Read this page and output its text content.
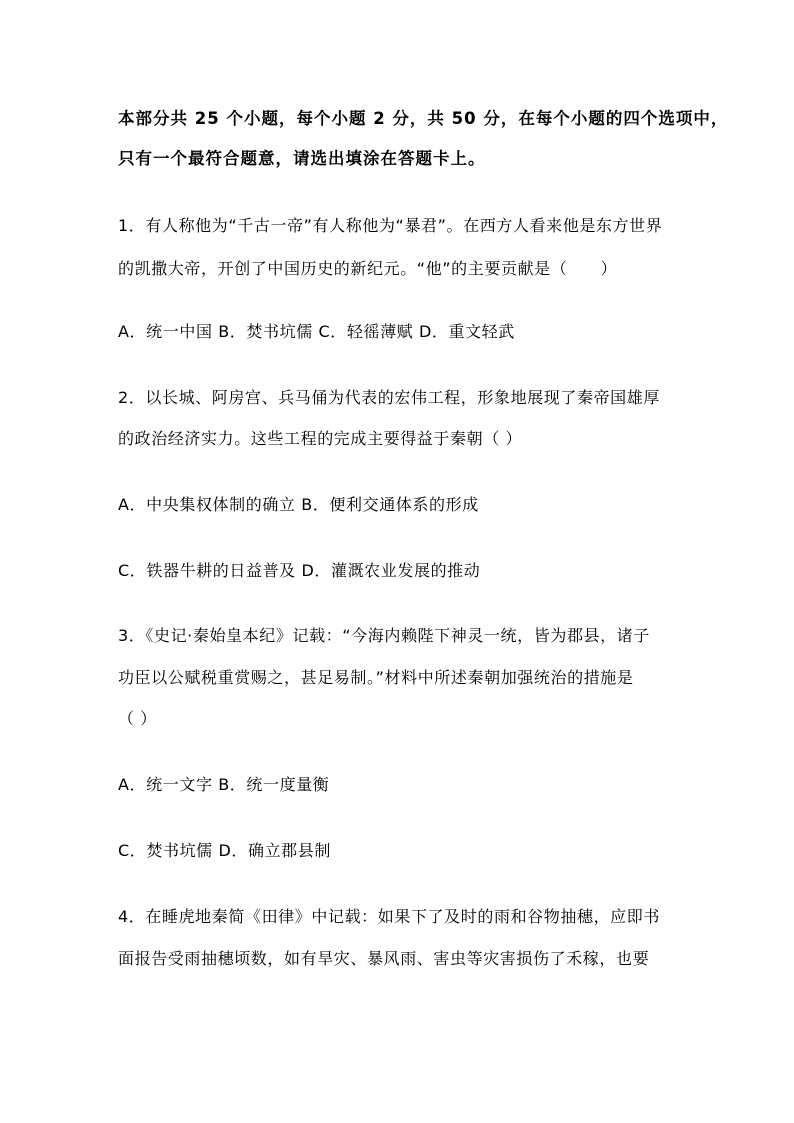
本部分共 25 个小题，每个小题 2 分，共 50 分，在每个小题的四个选项中，
只有一个最符合题意，请选出填涂在答题卡上。
1．有人称他为“千古一帝”有人称他为“暴君”。在西方人看来他是东方世界
的凯撒大帝，开创了中国历史的新纪元。“他”的主要贡献是（　　）
A．统一中国 B．焚书坑儒 C．轻徭薄赋 D．重文轻武
2．以长城、阿房宫、兵马俑为代表的宏伟工程，形象地展现了秦帝国雄厚
的政治经济实力。这些工程的完成主要得益于秦朝（ ）
A．中央集权体制的确立 B．便利交通体系的形成
C．铁器牛耕的日益普及 D．灌溉农业发展的推动
3．《史记·秦始皇本纪》记载：“今海内赖陛下神灵一统，皆为郡县，诸子
功臣以公赋税重赏赐之，甚足易制。”材料中所述秦朝加强统治的措施是
（ ）
A．统一文字 B．统一度量衡
C．焚书坑儒 D．确立郡县制
4．在睡虎地秦简《田律》中记载：如果下了及时的雨和谷物抽穗，应即书
面报告受雨抽穗顷数，如有旱灾、暴风雨、害虫等灾害损伤了禾稼，也要
